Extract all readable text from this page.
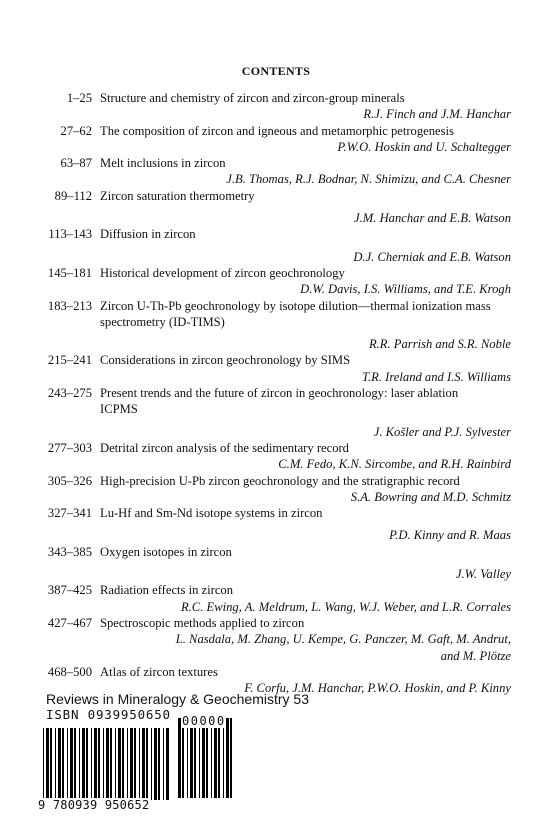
CONTENTS
1–25 Structure and chemistry of zircon and zircon-group minerals
R.J. Finch and J.M. Hanchar
27–62 The composition of zircon and igneous and metamorphic petrogenesis
P.W.O. Hoskin and U. Schaltegger
63–87 Melt inclusions in zircon
J.B. Thomas, R.J. Bodnar, N. Shimizu, and C.A. Chesner
89–112 Zircon saturation thermometry
J.M. Hanchar and E.B. Watson
113–143 Diffusion in zircon
D.J. Cherniak and E.B. Watson
145–181 Historical development of zircon geochronology
D.W. Davis, I.S. Williams, and T.E. Krogh
183–213 Zircon U-Th-Pb geochronology by isotope dilution—thermal ionization mass spectrometry (ID-TIMS)
R.R. Parrish and S.R. Noble
215–241 Considerations in zircon geochronology by SIMS
T.R. Ireland and I.S. Williams
243–275 Present trends and the future of zircon in geochronology: laser ablation ICPMS
J. Košler and P.J. Sylvester
277–303 Detrital zircon analysis of the sedimentary record
C.M. Fedo, K.N. Sircombe, and R.H. Rainbird
305–326 High-precision U-Pb zircon geochronology and the stratigraphic record
S.A. Bowring and M.D. Schmitz
327–341 Lu-Hf and Sm-Nd isotope systems in zircon
P.D. Kinny and R. Maas
343–385 Oxygen isotopes in zircon
J.W. Valley
387–425 Radiation effects in zircon
R.C. Ewing, A. Meldrum, L. Wang, W.J. Weber, and L.R. Corrales
427–467 Spectroscopic methods applied to zircon
L. Nasdala, M. Zhang, U. Kempe, G. Panczer, M. Gaft, M. Andrut,
and M. Plötze
468–500 Atlas of zircon textures
F. Corfu, J.M. Hanchar, P.W.O. Hoskin, and P. Kinny
Reviews in Mineralogy & Geochemistry 53
ISBN 0939950650
9 780939 950652
00000
